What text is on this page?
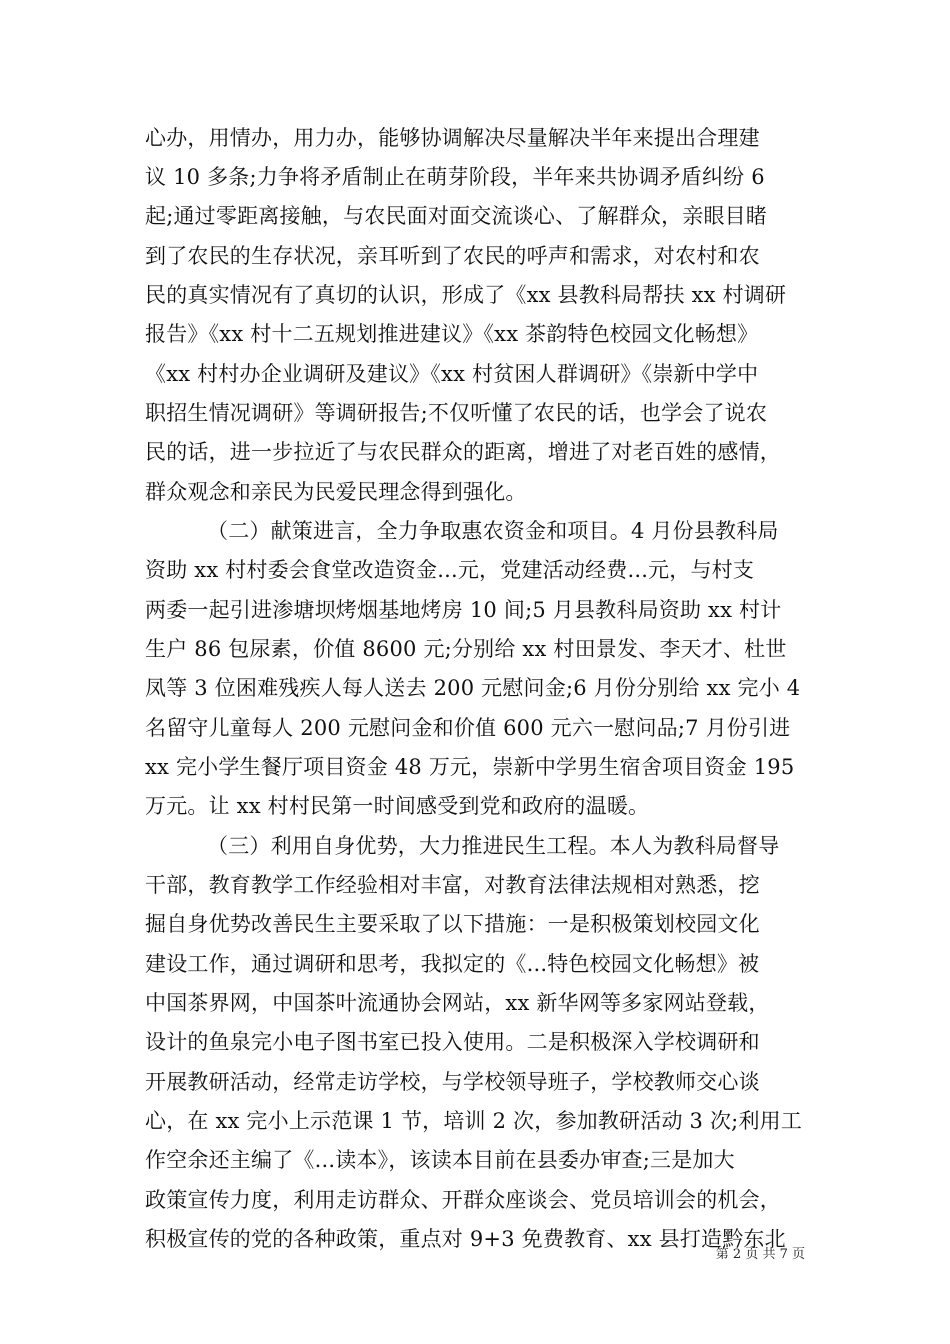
心办，用情办，用力办，能够协调解决尽量解决半年来提出合理建
议 10 多条;力争将矛盾制止在萌芽阶段，半年来共协调矛盾纠纷 6
起;通过零距离接触，与农民面对面交流谈心、了解群众，亲眼目睹
到了农民的生存状况，亲耳听到了农民的呼声和需求，对农村和农
民的真实情况有了真切的认识，形成了《xx 县教科局帮扶 xx 村调研
报告》《xx 村十二五规划推进建议》《xx 茶韵特色校园文化畅想》
《xx 村村办企业调研及建议》《xx 村贫困人群调研》《崇新中学中
职招生情况调研》等调研报告;不仅听懂了农民的话，也学会了说农
民的话，进一步拉近了与农民群众的距离，增进了对老百姓的感情，
群众观念和亲民为民爱民理念得到强化。
（二）献策进言，全力争取惠农资金和项目。4 月份县教科局
资助 xx 村村委会食堂改造资金...元，党建活动经费...元，与村支
两委一起引进渗塘坝烤烟基地烤房 10 间;5 月县教科局资助 xx 村计
生户 86 包尿素，价值 8600 元;分别给 xx 村田景发、李天才、杜世
凤等 3 位困难残疾人每人送去 200 元慰问金;6 月份分别给 xx 完小 4
名留守儿童每人 200 元慰问金和价值 600 元六一慰问品;7 月份引进
xx 完小学生餐厅项目资金 48 万元，崇新中学男生宿舍项目资金 195
万元。让 xx 村村民第一时间感受到党和政府的温暖。
（三）利用自身优势，大力推进民生工程。本人为教科局督导
干部，教育教学工作经验相对丰富，对教育法律法规相对熟悉，挖
掘自身优势改善民生主要采取了以下措施：一是积极策划校园文化
建设工作，通过调研和思考，我拟定的《...特色校园文化畅想》被
中国茶界网，中国茶叶流通协会网站，xx 新华网等多家网站登载，
设计的鱼泉完小电子图书室已投入使用。二是积极深入学校调研和
开展教研活动，经常走访学校，与学校领导班子，学校教师交心谈
心，在 xx 完小上示范课 1 节，培训 2 次，参加教研活动 3 次;利用工
作空余还主编了《...读本》，该读本目前在县委办审查;三是加大
政策宣传力度，利用走访群众、开群众座谈会、党员培训会的机会，
积极宣传的党的各种政策，重点对 9+3 免费教育、xx 县打造黔东北
第 2 页 共 7 页
